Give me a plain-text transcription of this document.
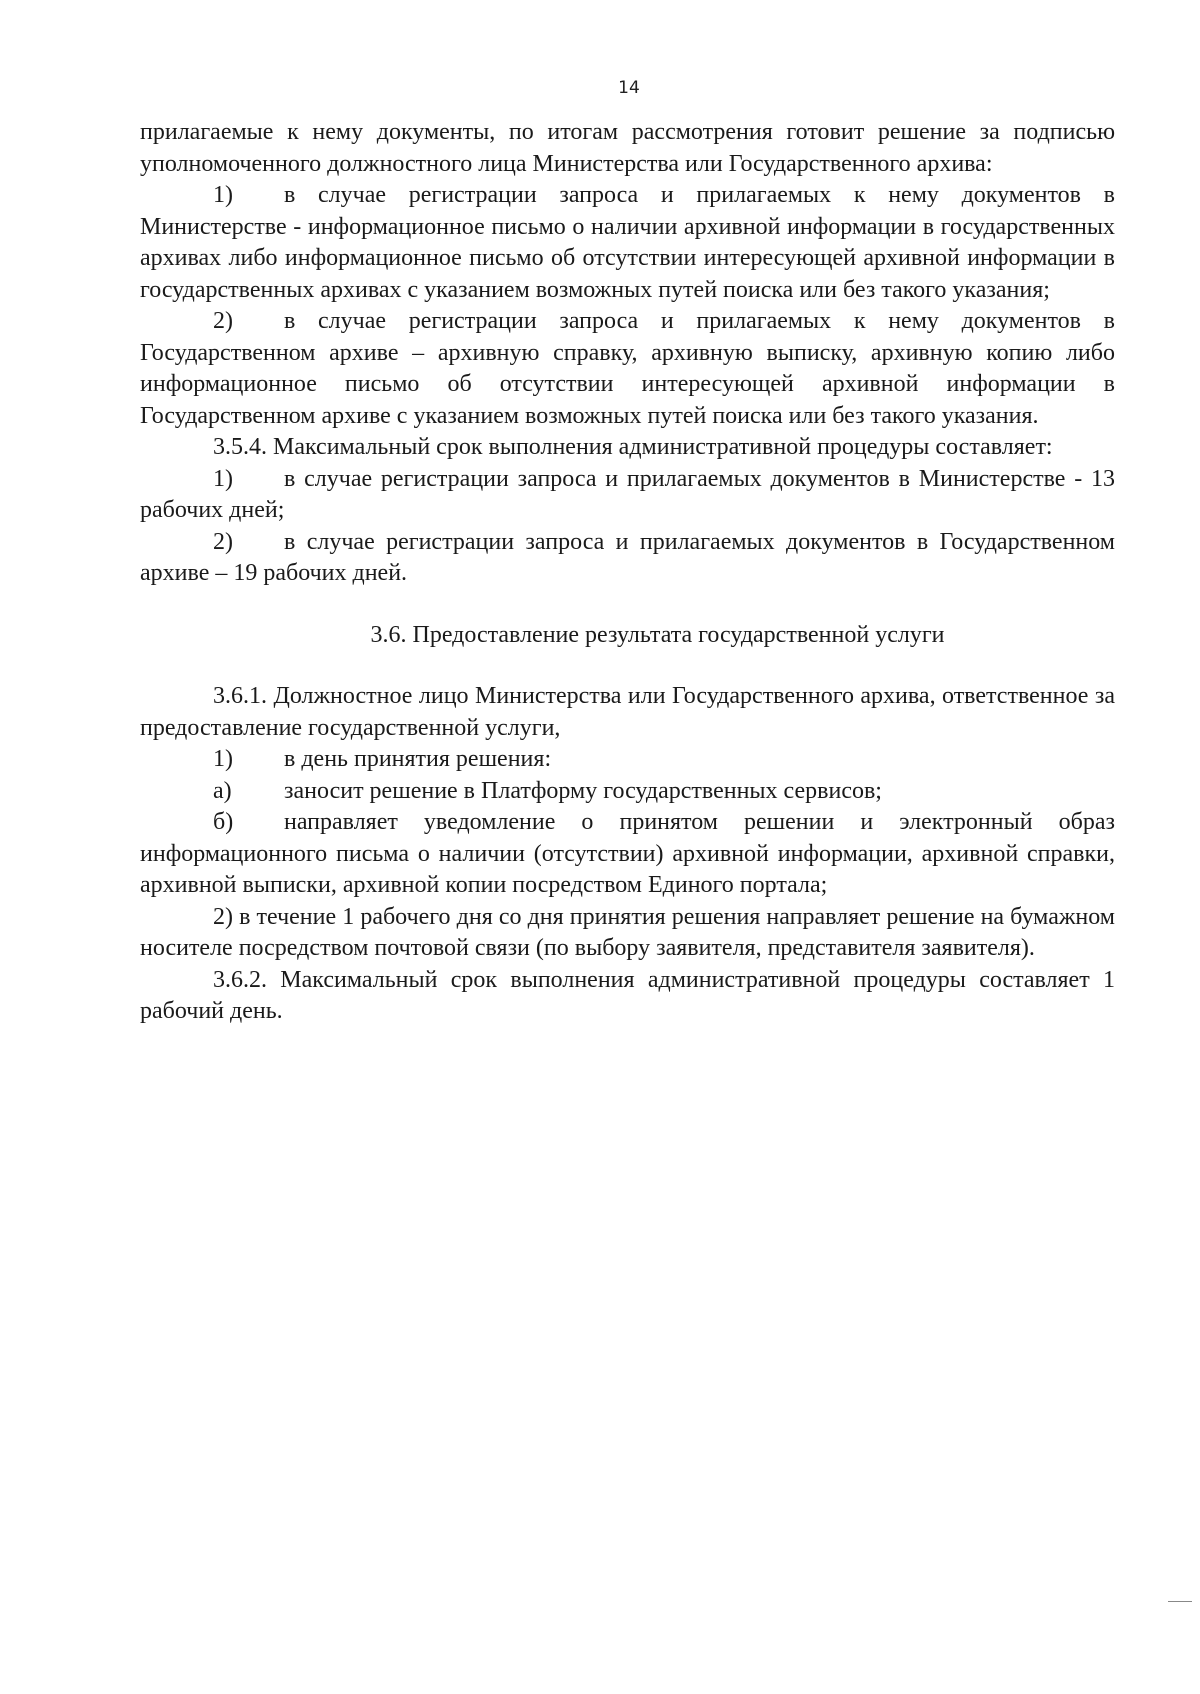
14

прилагаемые к нему документы, по итогам рассмотрения готовит решение за подписью уполномоченного должностного лица Министерства или Государственного архива:

1) в случае регистрации запроса и прилагаемых к нему документов в Министерстве - информационное письмо о наличии архивной информации в государственных архивах либо информационное письмо об отсутствии интересующей архивной информации в государственных архивах с указанием возможных путей поиска или без такого указания;

2) в случае регистрации запроса и прилагаемых к нему документов в Государственном архиве – архивную справку, архивную выписку, архивную копию либо информационное письмо об отсутствии интересующей архивной информации в Государственном архиве с указанием возможных путей поиска или без такого указания.

3.5.4. Максимальный срок выполнения административной процедуры составляет:

1) в случае регистрации запроса и прилагаемых документов в Министерстве - 13 рабочих дней;

2) в случае регистрации запроса и прилагаемых документов в Государственном архиве – 19 рабочих дней.

3.6. Предоставление результата государственной услуги

3.6.1. Должностное лицо Министерства или Государственного архива, ответственное за предоставление государственной услуги,

1) в день принятия решения:

а) заносит решение в Платформу государственных сервисов;

б) направляет уведомление о принятом решении и электронный образ информационного письма о наличии (отсутствии) архивной информации, архивной справки, архивной выписки, архивной копии посредством Единого портала;

2) в течение 1 рабочего дня со дня принятия решения направляет решение на бумажном носителе посредством почтовой связи (по выбору заявителя, представителя заявителя).

3.6.2. Максимальный срок выполнения административной процедуры составляет 1 рабочий день.
